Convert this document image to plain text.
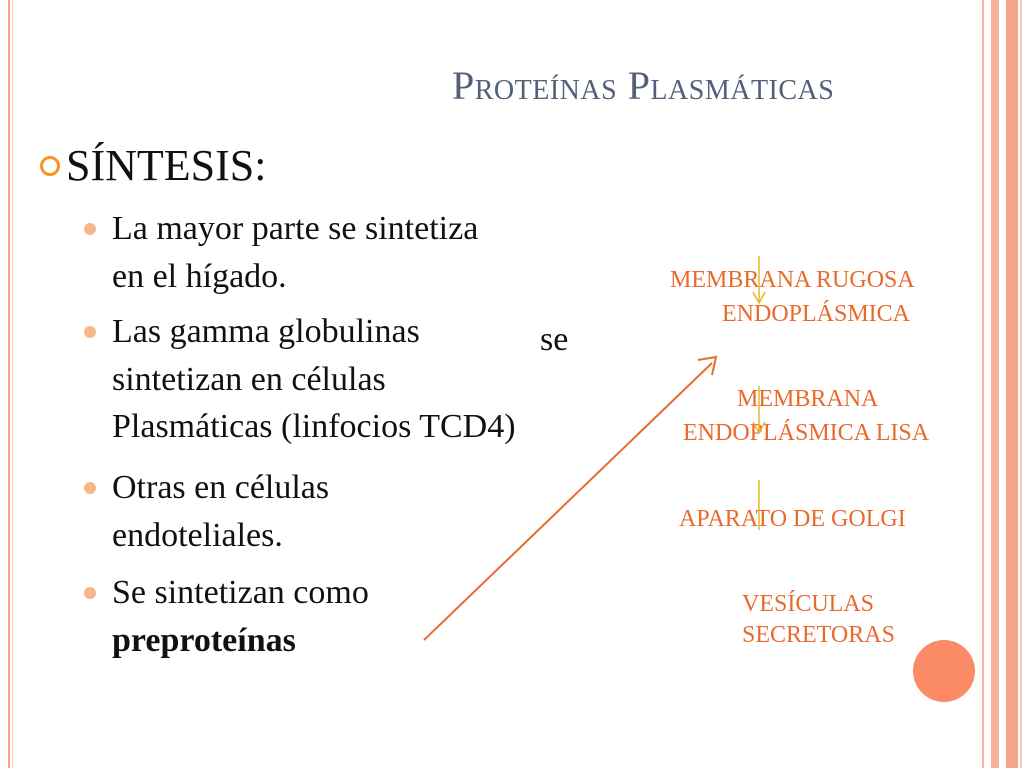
Proteínas Plasmáticas
SÍNTESIS:
La mayor parte se sintetiza
en el hígado.
Las gamma globulinas	se
sintetizan en células
Plasmáticas (linfocios TCD4)
Otras en células
endoteliales.
Se sintetizan como
preproteínas
MEMBRANA RUGOSA
ENDOPLÁSMICA
MEMBRANA
ENDOPLÁSMICA LISA
APARATO DE GOLGI
VESÍCULAS
SECRETORAS
